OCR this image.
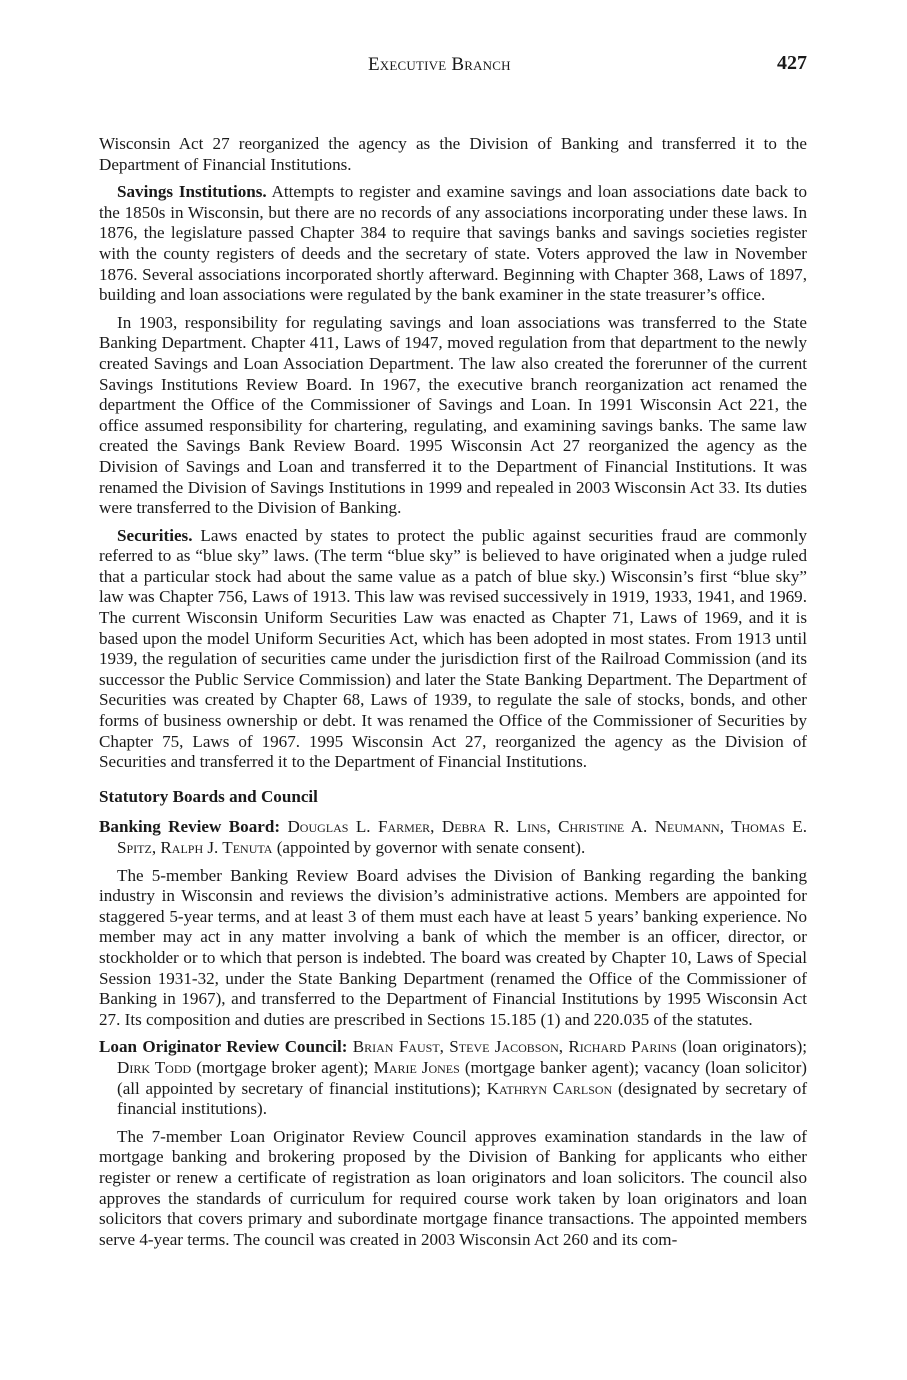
Executive Branch	427

Wisconsin Act 27 reorganized the agency as the Division of Banking and transferred it to the Department of Financial Institutions.

Savings Institutions. Attempts to register and examine savings and loan associations date back to the 1850s in Wisconsin, but there are no records of any associations incorporating under these laws. In 1876, the legislature passed Chapter 384 to require that savings banks and savings societies register with the county registers of deeds and the secretary of state. Voters approved the law in November 1876. Several associations incorporated shortly afterward. Beginning with Chapter 368, Laws of 1897, building and loan associations were regulated by the bank examiner in the state treasurer’s office.

In 1903, responsibility for regulating savings and loan associations was transferred to the State Banking Department. Chapter 411, Laws of 1947, moved regulation from that department to the newly created Savings and Loan Association Department. The law also created the forerunner of the current Savings Institutions Review Board. In 1967, the executive branch reorganization act renamed the department the Office of the Commissioner of Savings and Loan. In 1991 Wisconsin Act 221, the office assumed responsibility for chartering, regulating, and examining savings banks. The same law created the Savings Bank Review Board. 1995 Wisconsin Act 27 reorganized the agency as the Division of Savings and Loan and transferred it to the Department of Financial Institutions. It was renamed the Division of Savings Institutions in 1999 and repealed in 2003 Wisconsin Act 33. Its duties were transferred to the Division of Banking.

Securities. Laws enacted by states to protect the public against securities fraud are commonly referred to as “blue sky” laws. (The term “blue sky” is believed to have originated when a judge ruled that a particular stock had about the same value as a patch of blue sky.) Wisconsin’s first “blue sky” law was Chapter 756, Laws of 1913. This law was revised successively in 1919, 1933, 1941, and 1969. The current Wisconsin Uniform Securities Law was enacted as Chapter 71, Laws of 1969, and it is based upon the model Uniform Securities Act, which has been adopted in most states. From 1913 until 1939, the regulation of securities came under the jurisdiction first of the Railroad Commission (and its successor the Public Service Commission) and later the State Banking Department. The Department of Securities was created by Chapter 68, Laws of 1939, to regulate the sale of stocks, bonds, and other forms of business ownership or debt. It was renamed the Office of the Commissioner of Securities by Chapter 75, Laws of 1967. 1995 Wisconsin Act 27, reorganized the agency as the Division of Securities and transferred it to the Department of Financial Institutions.

Statutory Boards and Council

Banking Review Board: Douglas L. Farmer, Debra R. Lins, Christine A. Neumann, Thomas E. Spitz, Ralph J. Tenuta (appointed by governor with senate consent).

The 5-member Banking Review Board advises the Division of Banking regarding the banking industry in Wisconsin and reviews the division’s administrative actions. Members are appointed for staggered 5-year terms, and at least 3 of them must each have at least 5 years’ banking experience. No member may act in any matter involving a bank of which the member is an officer, director, or stockholder or to which that person is indebted. The board was created by Chapter 10, Laws of Special Session 1931-32, under the State Banking Department (renamed the Office of the Commissioner of Banking in 1967), and transferred to the Department of Financial Institutions by 1995 Wisconsin Act 27. Its composition and duties are prescribed in Sections 15.185 (1) and 220.035 of the statutes.

Loan Originator Review Council: Brian Faust, Steve Jacobson, Richard Parins (loan originators); Dirk Todd (mortgage broker agent); Marie Jones (mortgage banker agent); vacancy (loan solicitor) (all appointed by secretary of financial institutions); Kathryn Carlson (designated by secretary of financial institutions).

The 7-member Loan Originator Review Council approves examination standards in the law of mortgage banking and brokering proposed by the Division of Banking for applicants who either register or renew a certificate of registration as loan originators and loan solicitors. The council also approves the standards of curriculum for required course work taken by loan originators and loan solicitors that covers primary and subordinate mortgage finance transactions. The appointed members serve 4-year terms. The council was created in 2003 Wisconsin Act 260 and its com-
